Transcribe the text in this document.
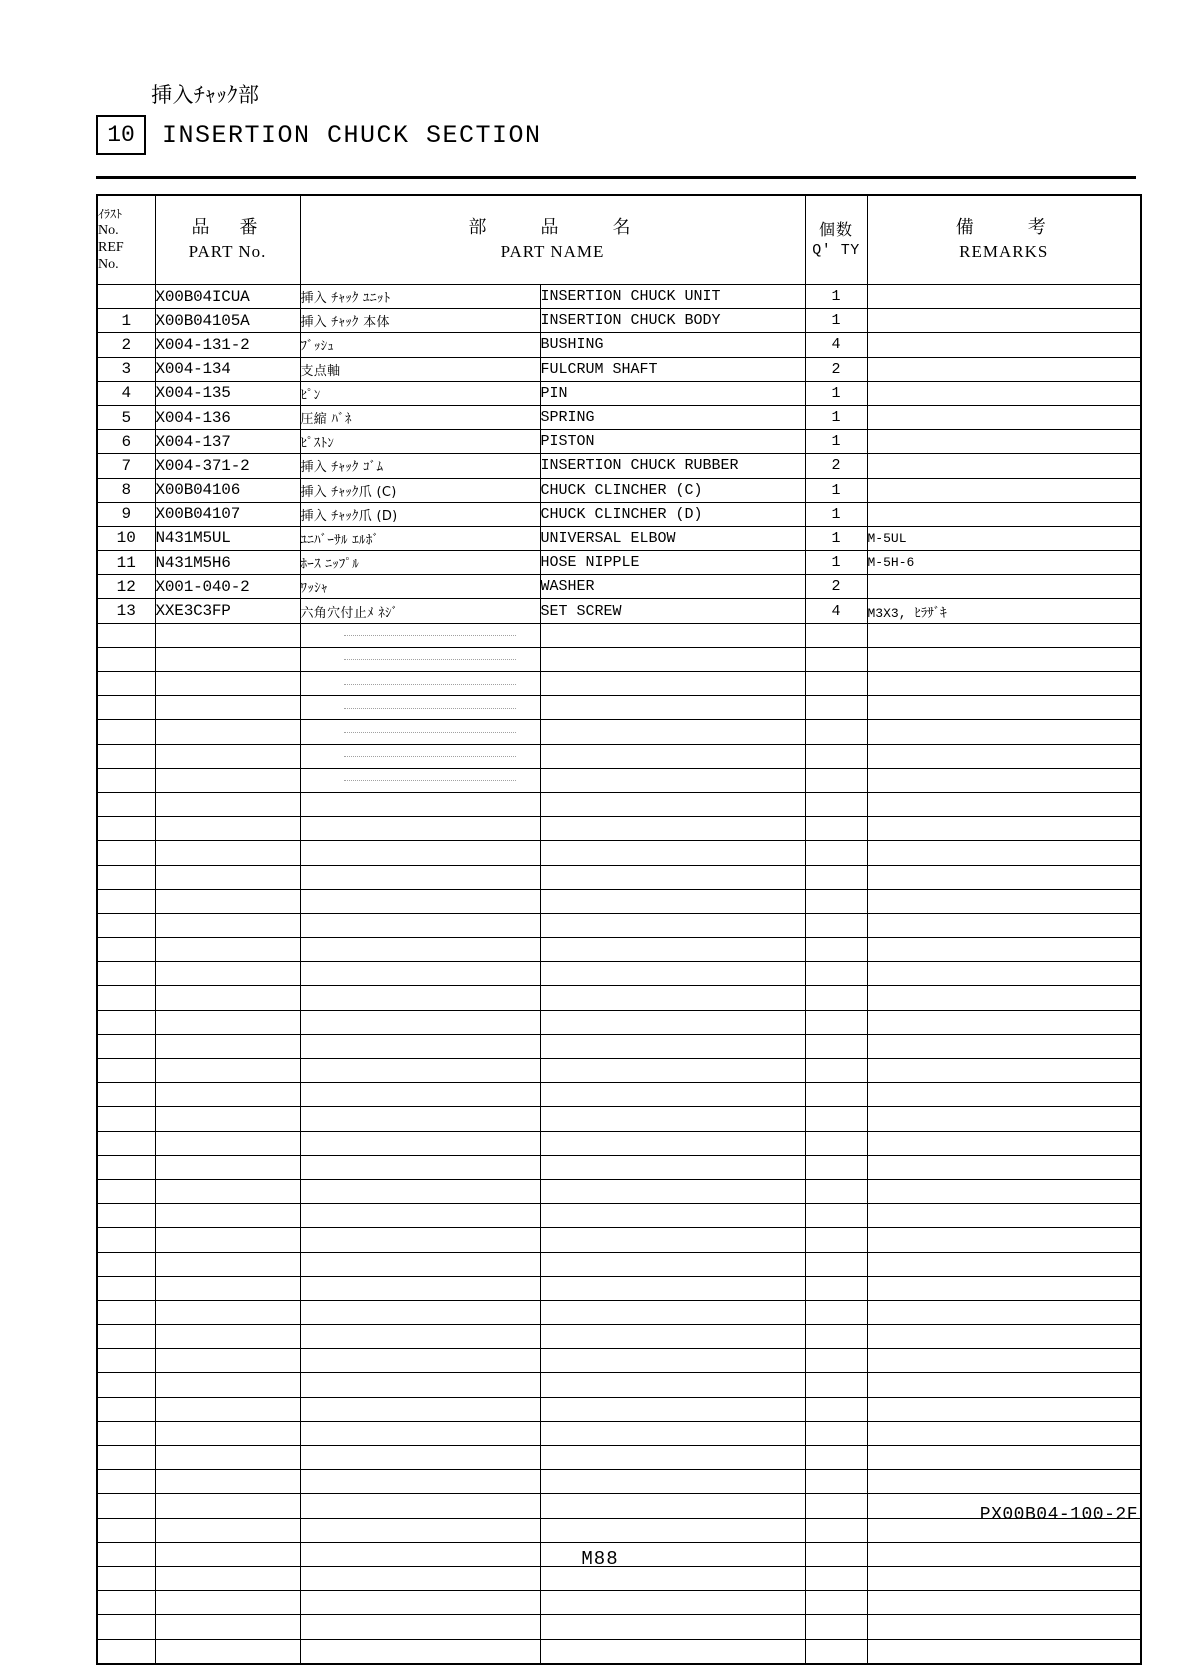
挿入ﾁｬｯｸ部
10	INSERTION CHUCK SECTION
ｲﾗｽﾄ
No.
REF
No.

品　番
PART No.

部　　品　　名
PART NAME

個数
Q' TY

備　　考
REMARKS

	X00B04ICUA	挿入 ﾁｬｯｸ ﾕﾆｯﾄ	INSERTION CHUCK UNIT	1	
1	X00B04105A	挿入 ﾁｬｯｸ 本体	INSERTION CHUCK BODY	1	
2	X004-131-2	ﾌﾞｯｼｭ	BUSHING	4	
3	X004-134	支点軸	FULCRUM SHAFT	2	
4	X004-135	ﾋﾟﾝ	PIN	1	
5	X004-136	圧縮 ﾊﾞﾈ	SPRING	1	
6	X004-137	ﾋﾟｽﾄﾝ	PISTON	1	
7	X004-371-2	挿入 ﾁｬｯｸ ｺﾞﾑ	INSERTION CHUCK RUBBER	2	
8	X00B04106	挿入 ﾁｬｯｸ爪 (C)	CHUCK CLINCHER (C)	1	
9	X00B04107	挿入 ﾁｬｯｸ爪 (D)	CHUCK CLINCHER (D)	1	
10	N431M5UL	ﾕﾆﾊﾞｰｻﾙ ｴﾙﾎﾞ	UNIVERSAL ELBOW	1	M-5UL
11	N431M5H6	ﾎｰｽ ﾆｯﾌﾟﾙ	HOSE NIPPLE	1	M-5H-6
12	X001-040-2	ﾜｯｼｬ	WASHER	2	
13	XXE3C3FP	六角穴付止ﾒ ﾈｼﾞ	SET SCREW	4	M3X3, ﾋﾗｻﾞｷ

PX00B04-100-2F
M88
